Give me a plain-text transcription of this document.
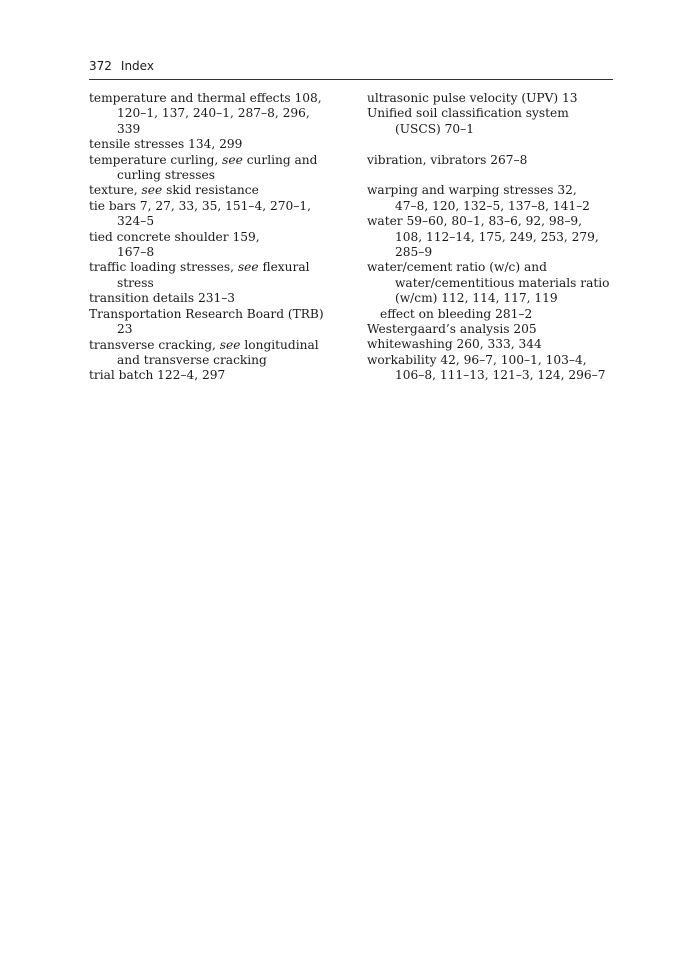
372 Index
temperature and thermal effects 108,
120–1, 137, 240–1, 287–8, 296,
339
tensile stresses 134, 299
temperature curling, see curling and
curling stresses
texture, see skid resistance
tie bars 7, 27, 33, 35, 151–4, 270–1,
324–5
tied concrete shoulder 159,
167–8
traffic loading stresses, see flexural
stress
transition details 231–3
Transportation Research Board (TRB)
23
transverse cracking, see longitudinal
and transverse cracking
trial batch 122–4, 297
ultrasonic pulse velocity (UPV) 13
Unified soil classification system
(USCS) 70–1
vibration, vibrators 267–8
warping and warping stresses 32,
47–8, 120, 132–5, 137–8, 141–2
water 59–60, 80–1, 83–6, 92, 98–9,
108, 112–14, 175, 249, 253, 279,
285–9
water/cement ratio (w/c) and
water/cementitious materials ratio
(w/cm) 112, 114, 117, 119
effect on bleeding 281–2
Westergaard’s analysis 205
whitewashing 260, 333, 344
workability 42, 96–7, 100–1, 103–4,
106–8, 111–13, 121–3, 124, 296–7
